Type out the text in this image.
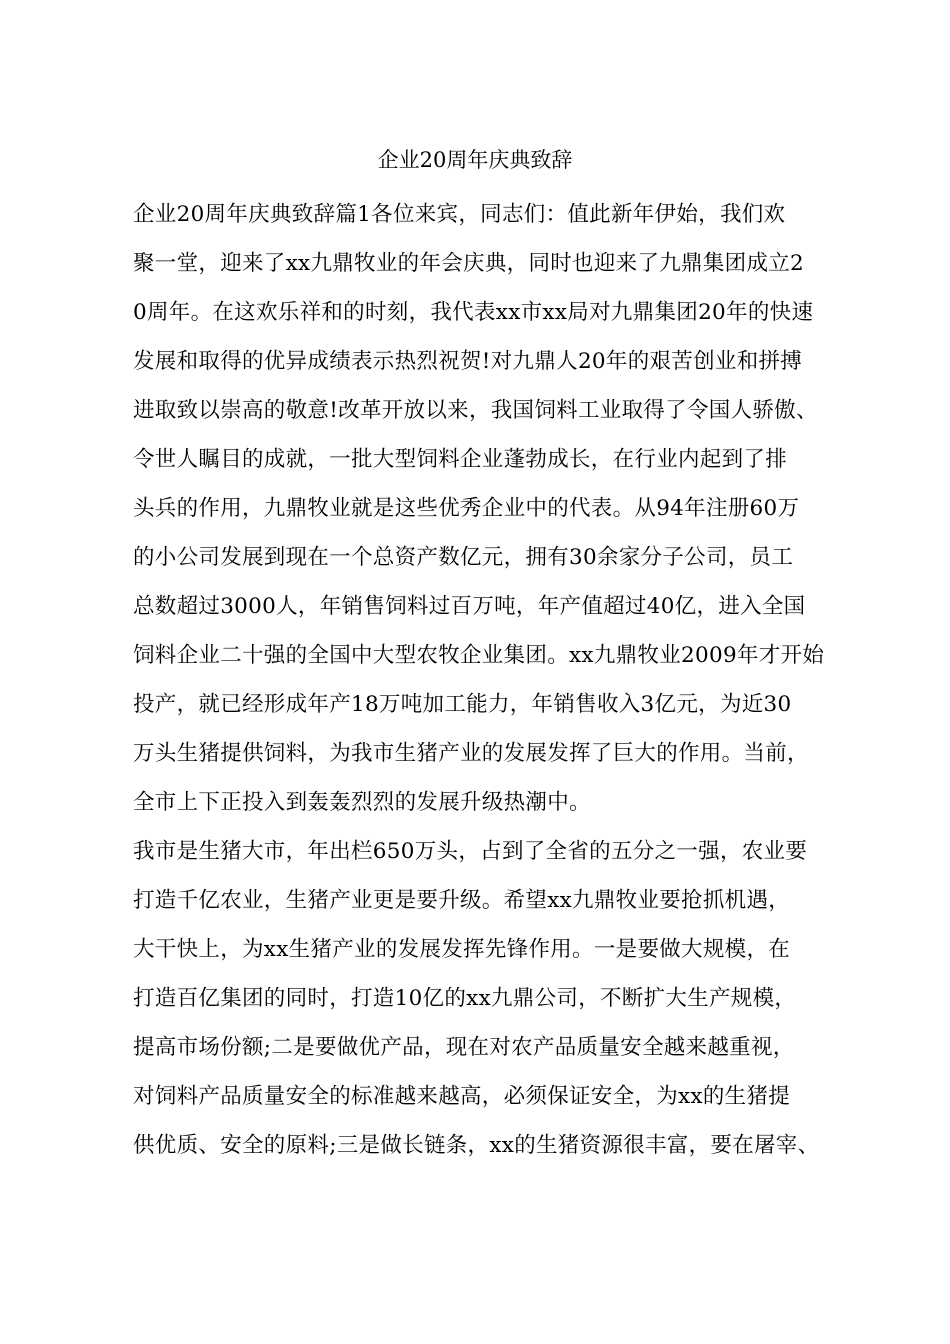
企业20周年庆典致辞
企业20周年庆典致辞篇1各位来宾，同志们：值此新年伊始，我们欢
聚一堂，迎来了xx九鼎牧业的年会庆典，同时也迎来了九鼎集团成立2
0周年。在这欢乐祥和的时刻，我代表xx市xx局对九鼎集团20年的快速
发展和取得的优异成绩表示热烈祝贺!对九鼎人20年的艰苦创业和拼搏
进取致以崇高的敬意!改革开放以来，我国饲料工业取得了令国人骄傲、
令世人瞩目的成就，一批大型饲料企业蓬勃成长，在行业内起到了排
头兵的作用，九鼎牧业就是这些优秀企业中的代表。从94年注册60万
的小公司发展到现在一个总资产数亿元，拥有30余家分子公司，员工
总数超过3000人，年销售饲料过百万吨，年产值超过40亿，进入全国
饲料企业二十强的全国中大型农牧企业集团。xx九鼎牧业2009年才开始
投产，就已经形成年产18万吨加工能力，年销售收入3亿元，为近30
万头生猪提供饲料，为我市生猪产业的发展发挥了巨大的作用。当前，
全市上下正投入到轰轰烈烈的发展升级热潮中。
我市是生猪大市，年出栏650万头，占到了全省的五分之一强，农业要
打造千亿农业，生猪产业更是要升级。希望xx九鼎牧业要抢抓机遇，
大干快上，为xx生猪产业的发展发挥先锋作用。一是要做大规模，在
打造百亿集团的同时，打造10亿的xx九鼎公司，不断扩大生产规模，
提高市场份额;二是要做优产品，现在对农产品质量安全越来越重视，
对饲料产品质量安全的标准越来越高，必须保证安全，为xx的生猪提
供优质、安全的原料;三是做长链条，xx的生猪资源很丰富，要在屠宰、
